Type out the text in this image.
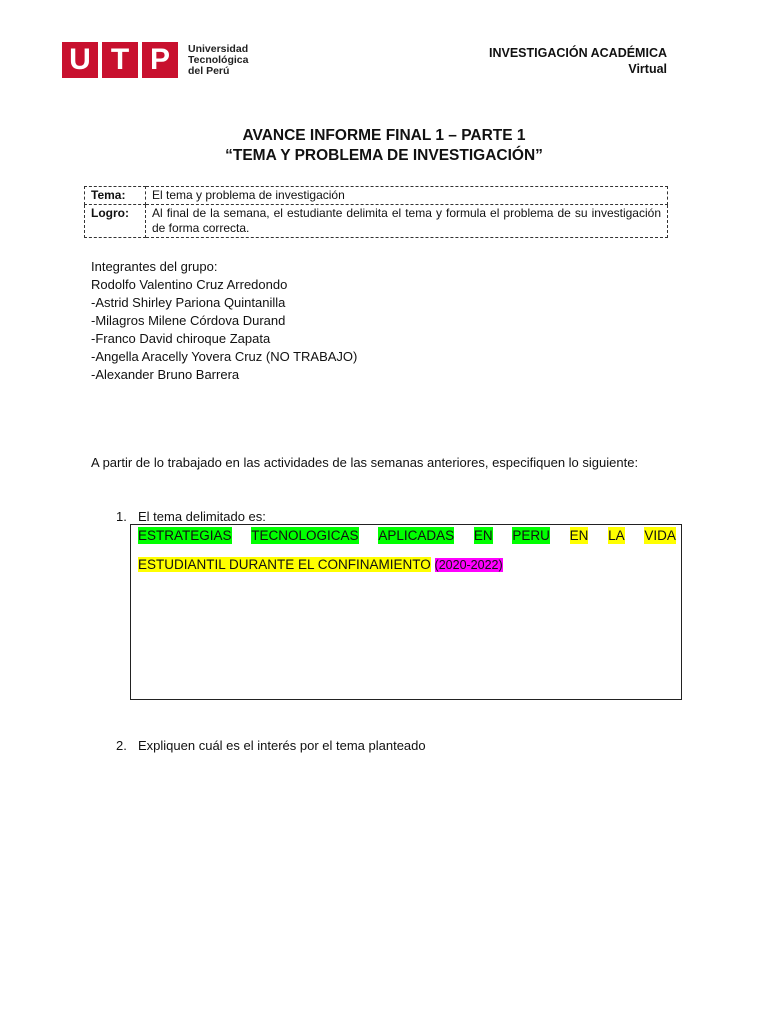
U T P	Universidad
Tecnológica
del Perú
INVESTIGACIÓN ACADÉMICA
Virtual
AVANCE INFORME FINAL 1 – PARTE 1
“TEMA Y PROBLEMA DE INVESTIGACIÓN”
Tema:	El tema y problema de investigación
Logro:	Al final de la semana, el estudiante delimita el tema y formula el problema de su investigación de forma correcta.
Integrantes del grupo:
Rodolfo Valentino Cruz Arredondo
-Astrid Shirley Pariona Quintanilla
-Milagros Milene Córdova Durand
-Franco David chiroque Zapata
-Angella Aracelly Yovera Cruz (NO TRABAJO)
-Alexander Bruno Barrera
A partir de lo trabajado en las actividades de las semanas anteriores, especifiquen lo siguiente:
1. El tema delimitado es:
ESTRATEGIAS TECNOLOGICAS APLICADAS EN PERU EN LA VIDA
ESTUDIANTIL DURANTE EL CONFINAMIENTO (2020-2022)
2. Expliquen cuál es el interés por el tema planteado
